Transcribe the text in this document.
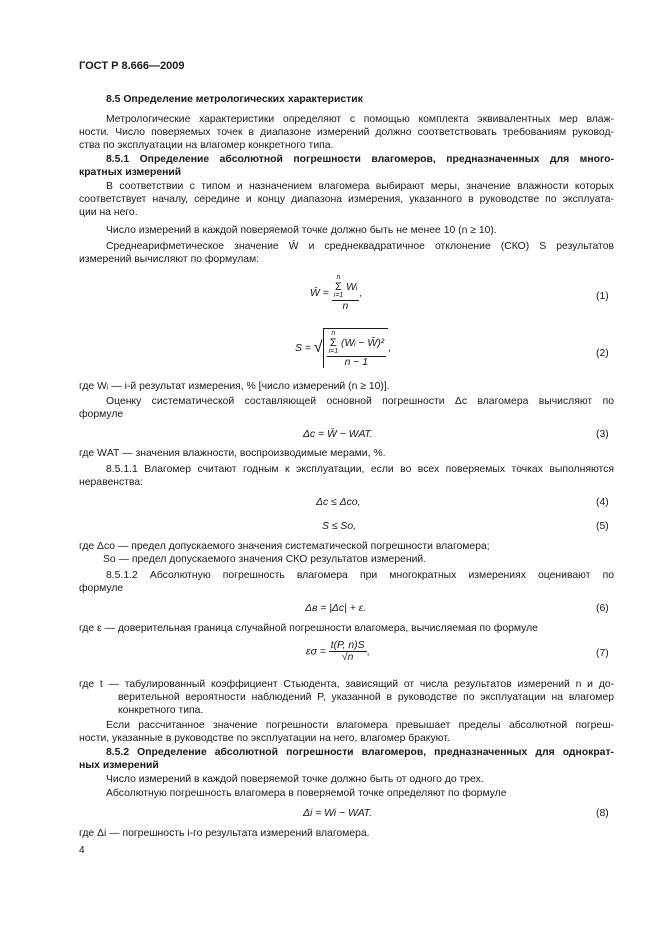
ГОСТ Р 8.666—2009
8.5 Определение метрологических характеристик
Метрологические характеристики определяют с помощью комплекта эквивалентных мер влаж-
ности. Число поверяемых точек в диапазоне измерений должно соответствовать требованиям руковод-
ства по эксплуатации на влагомер конкретного типа.
8.5.1 Определение абсолютной погрешности влагомеров, предназначенных для много-
кратных измерений
В соответствии с типом и назначением влагомера выбирают меры, значение влажности которых
соответствует началу, середине и концу диапазона измерения, указанного в руководстве по эксплуата-
ции на него.
Число измерений в каждой поверяемой точке должно быть не менее 10 (n ≥ 10).
Среднеарифметическое значение W̄ и среднеквадратичное отклонение (СКО) S результатов
измерений вычисляют по формулам:
W̄ = n
Σ
i=1
Wᵢ
n ,	(1)
S = √ n
Σ
i=1
(Wᵢ − W̄)²
n − 1 ,	(2)
где Wᵢ — i-й результат измерения, % [число измерений (n ≥ 10)].
Оценку систематической составляющей основной погрешности Δс влагомера вычисляют по
формуле
Δс = W̄ − WАТ.	(3)
где WАТ — значения влажности, воспроизводимые мерами, %.
8.5.1.1 Влагомер считают годным к эксплуатации, если во всех поверяемых точках выполняются
неравенства:
Δс ≤ Δсо,	(4)
S ≤ Sо,	(5)
где Δсо — предел допускаемого значения систематической погрешности влагомера;
Sо — предел допускаемого значения СКО результатов измерений.
8.5.1.2 Абсолютную погрешность влагомера при многократных измерениях оценивают по
формуле
Δв = |Δс| + ε.	(6)
где ε — доверительная граница случайной погрешности влагомера, вычисляемая по формуле
$\varepsilon\sigma = \frac{t(P, n)S}{√n}$ ,	(7)
где t — табулированный коэффициент Стьюдента, зависящий от числа результатов измерений n и до-
верительной вероятности наблюдений P, указанной в руководстве по эксплуатации на влагомер
конкретного типа.
Если рассчитанное значение погрешности влагомера превышает пределы абсолютной погреш-
ности, указанные в руководстве по эксплуатации на него, влагомер бракуют.
8.5.2 Определение абсолютной погрешности влагомеров, предназначенных для однократ-
ных измерений
Число измерений в каждой поверяемой точке должно быть от одного до трех.
Абсолютную погрешность влагомера в поверяемой точке определяют по формуле
Δi = Wi − WАТ.	(8)
где Δi — погрешность i-го результата измерений влагомера.
4
